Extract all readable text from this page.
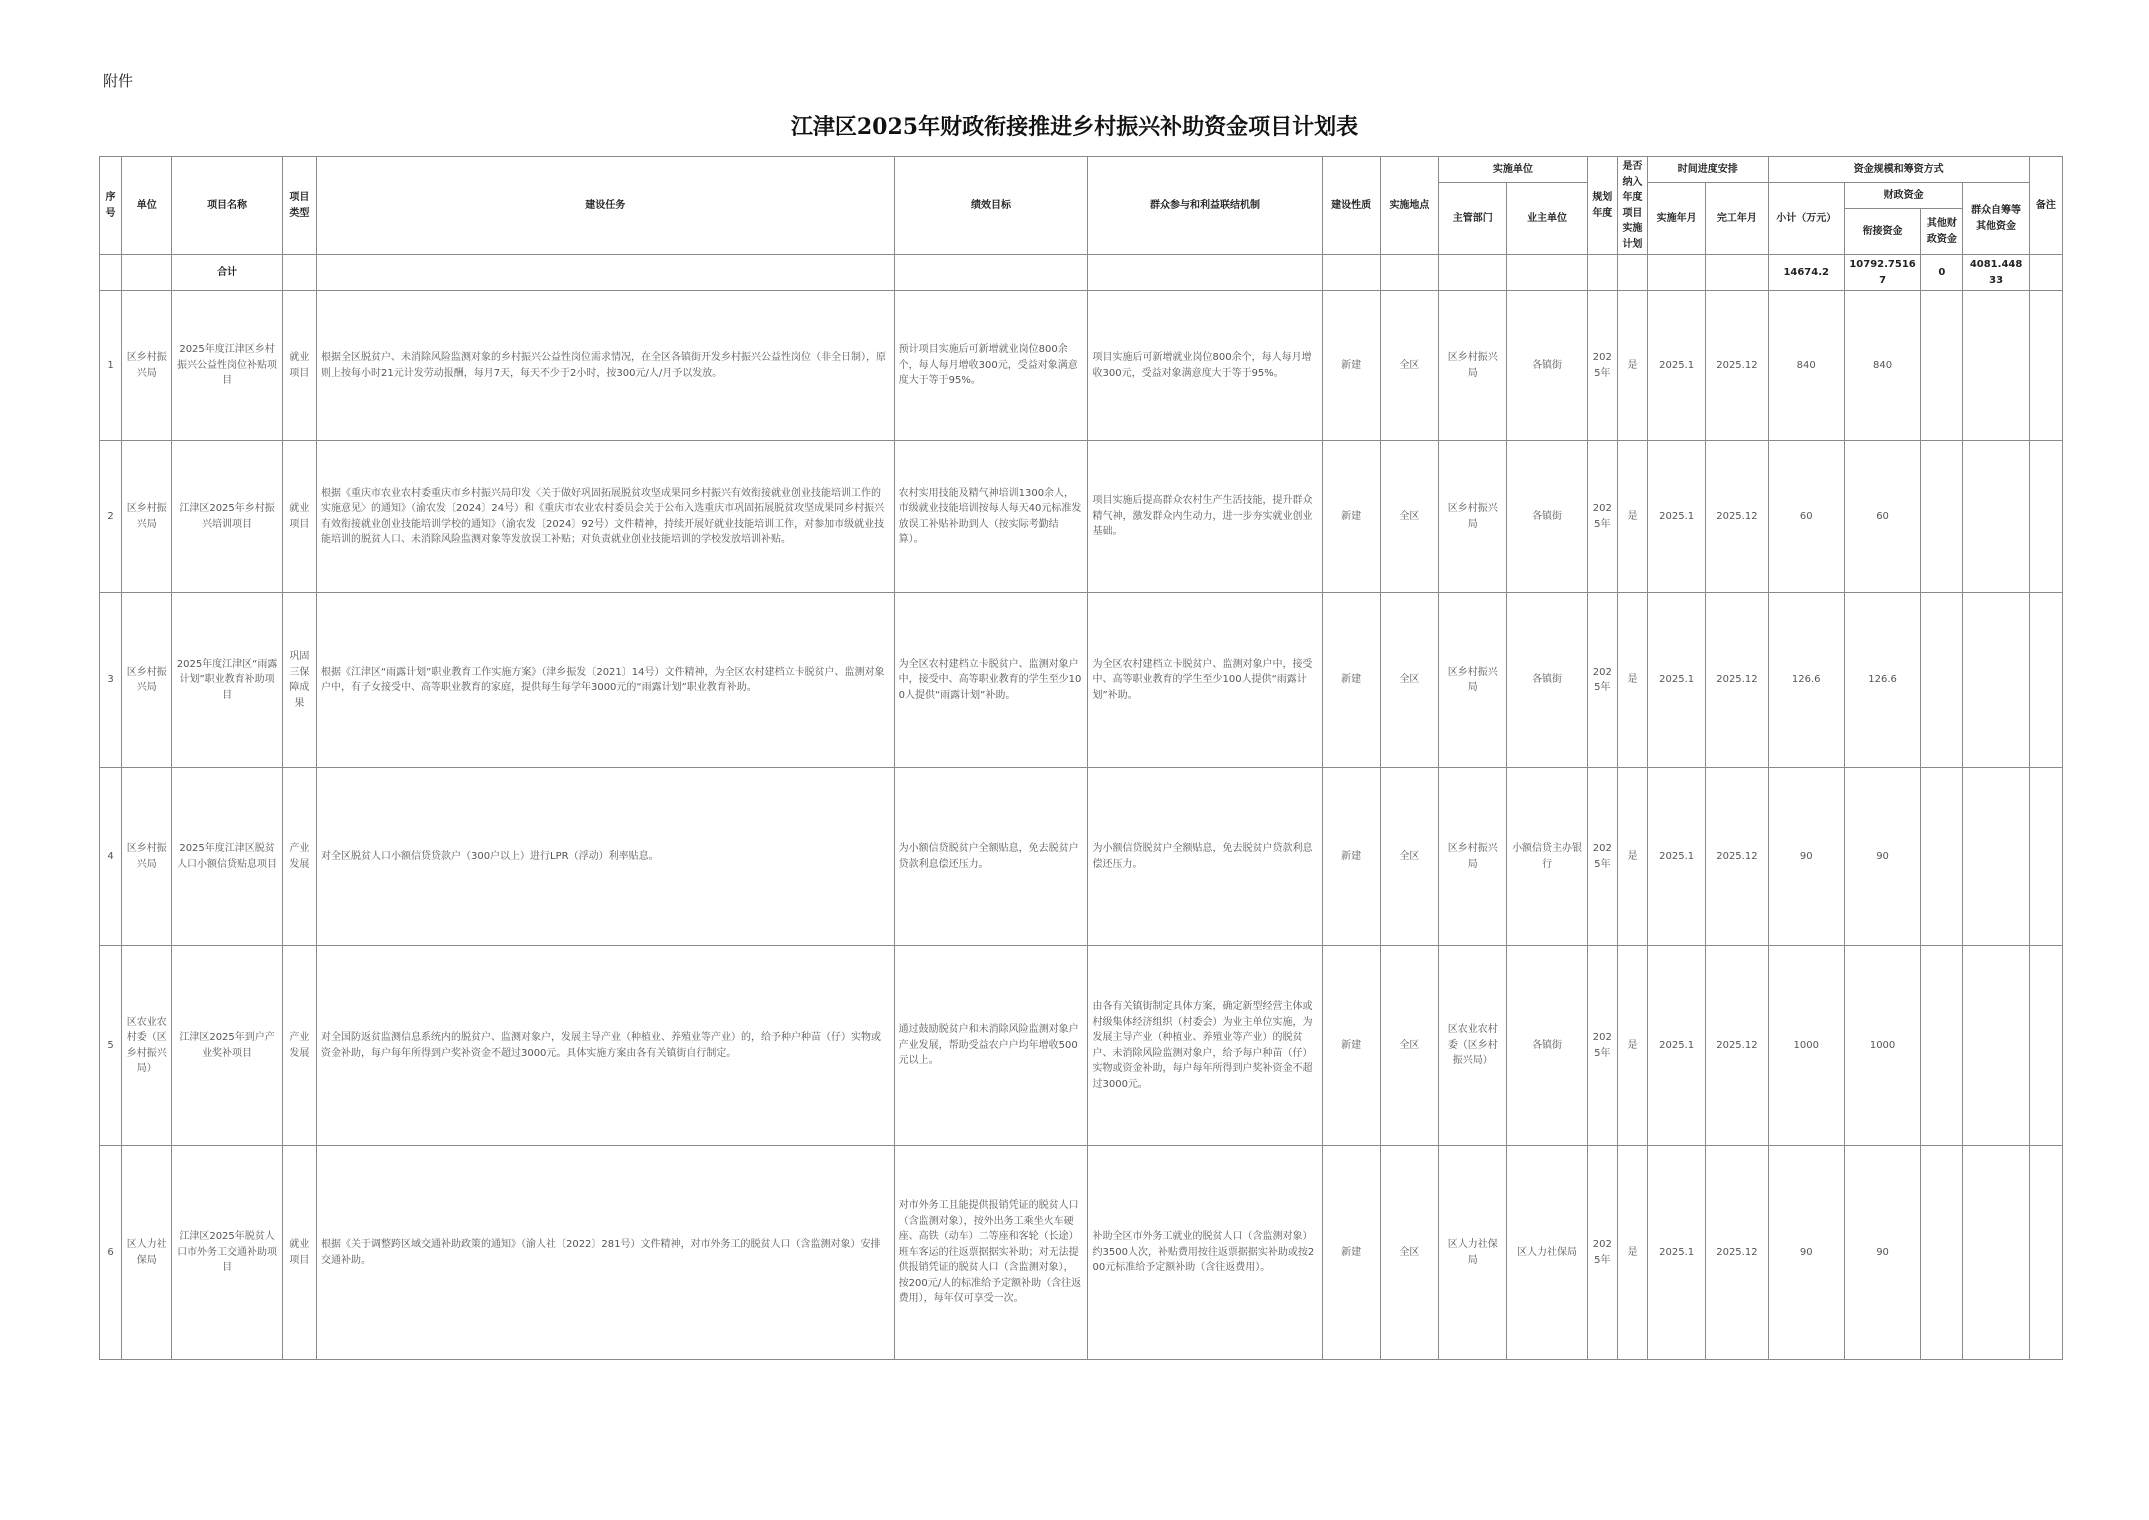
附件
江津区2025年财政衔接推进乡村振兴补助资金项目计划表
序号	单位	项目名称	项目类型	建设任务	绩效目标	群众参与和利益联结机制	建设性质	实施地点	实施单位		规划年度	是否纳入年度项目实施计划	时间进度安排		资金规模和筹资方式				备注
									主管部门	业主单位			实施年月	完工年月	小计（万元）	财政资金		群众自筹等其他资金	
																衔接资金	其他财政资金		
		合计													14674.2	10792.75167	0	4081.44833	
1	区乡村振兴局	2025年度江津区乡村振兴公益性岗位补贴项目	就业项目	根据全区脱贫户、未消除风险监测对象的乡村振兴公益性岗位需求情况，在全区各镇街开发乡村振兴公益性岗位（非全日制），原则上按每小时21元计发劳动报酬，每月7天，每天不少于2小时，按300元/人/月予以发放。	预计项目实施后可新增就业岗位800余个，每人每月增收300元，受益对象满意度大于等于95%。	项目实施后可新增就业岗位800余个，每人每月增收300元，受益对象满意度大于等于95%。	新建	全区	区乡村振兴局	各镇街	2025年	是	2025.1	2025.12	840	840			
2	区乡村振兴局	江津区2025年乡村振兴培训项目	就业项目	根据《重庆市农业农村委重庆市乡村振兴局印发〈关于做好巩固拓展脱贫攻坚成果同乡村振兴有效衔接就业创业技能培训工作的实施意见〉的通知》（渝农发〔2024〕24号）和《重庆市农业农村委员会关于公布入选重庆市巩固拓展脱贫攻坚成果同乡村振兴有效衔接就业创业技能培训学校的通知》（渝农发〔2024〕92号）文件精神，持续开展好就业技能培训工作，对参加市级就业技能培训的脱贫人口、未消除风险监测对象等发放误工补贴；对负责就业创业技能培训的学校发放培训补贴。	农村实用技能及精气神培训1300余人，市级就业技能培训按每人每天40元标准发放误工补贴补助到人（按实际考勤结算）。	项目实施后提高群众农村生产生活技能，提升群众精气神，激发群众内生动力，进一步夯实就业创业基础。	新建	全区	区乡村振兴局	各镇街	2025年	是	2025.1	2025.12	60	60			
3	区乡村振兴局	2025年度江津区“雨露计划”职业教育补助项目	巩固三保障成果	根据《江津区“雨露计划”职业教育工作实施方案》（津乡振发〔2021〕14号）文件精神，为全区农村建档立卡脱贫户、监测对象户中，有子女接受中、高等职业教育的家庭，提供每生每学年3000元的“雨露计划”职业教育补助。	为全区农村建档立卡脱贫户、监测对象户中，接受中、高等职业教育的学生至少100人提供“雨露计划”补助。	为全区农村建档立卡脱贫户、监测对象户中，接受中、高等职业教育的学生至少100人提供“雨露计划”补助。	新建	全区	区乡村振兴局	各镇街	2025年	是	2025.1	2025.12	126.6	126.6			
4	区乡村振兴局	2025年度江津区脱贫人口小额信贷贴息项目	产业发展	对全区脱贫人口小额信贷贷款户（300户以上）进行LPR（浮动）利率贴息。	为小额信贷脱贫户全额贴息，免去脱贫户贷款利息偿还压力。	为小额信贷脱贫户全额贴息，免去脱贫户贷款利息偿还压力。	新建	全区	区乡村振兴局	小额信贷主办银行	2025年	是	2025.1	2025.12	90	90			
5	区农业农村委（区乡村振兴局）	江津区2025年到户产业奖补项目	产业发展	对全国防返贫监测信息系统内的脱贫户、监测对象户，发展主导产业（种植业、养殖业等产业）的，给予种户种苗（仔）实物或资金补助，每户每年所得到户奖补资金不超过3000元。具体实施方案由各有关镇街自行制定。	通过鼓励脱贫户和未消除风险监测对象户产业发展，帮助受益农户户均年增收500元以上。	由各有关镇街制定具体方案，确定新型经营主体或村级集体经济组织（村委会）为业主单位实施，为发展主导产业（种植业、养殖业等产业）的脱贫户、未消除风险监测对象户，给予每户种苗（仔）实物或资金补助，每户每年所得到户奖补资金不超过3000元。	新建	全区	区农业农村委（区乡村振兴局）	各镇街	2025年	是	2025.1	2025.12	1000	1000			
6	区人力社保局	江津区2025年脱贫人口市外务工交通补助项目	就业项目	根据《关于调整跨区域交通补助政策的通知》（渝人社〔2022〕281号）文件精神，对市外务工的脱贫人口（含监测对象）安排交通补助。	对市外务工且能提供报销凭证的脱贫人口（含监测对象），按外出务工乘坐火车硬座、高铁（动车）二等座和客轮（长途）班车客运的往返票据据实补助；对无法提供报销凭证的脱贫人口（含监测对象），按200元/人的标准给予定额补助（含往返费用），每年仅可享受一次。	补助全区市外务工就业的脱贫人口（含监测对象）约3500人次，补贴费用按往返票据据实补助或按200元标准给予定额补助（含往返费用）。	新建	全区	区人力社保局	区人力社保局	2025年	是	2025.1	2025.12	90	90			
